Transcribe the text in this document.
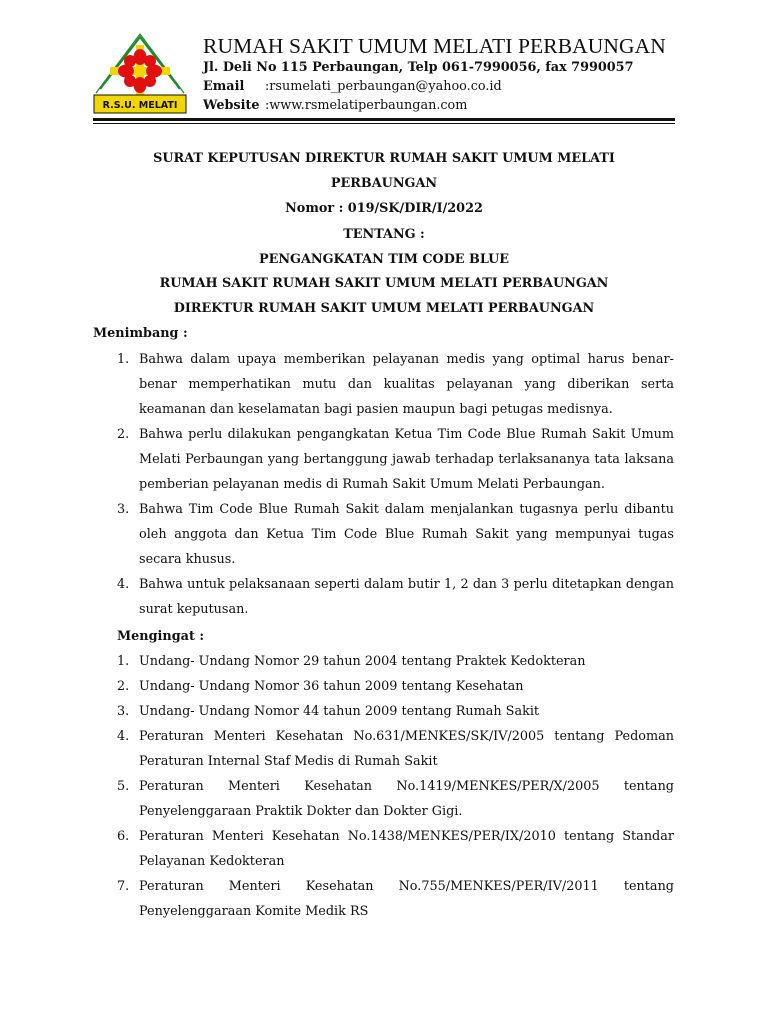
R.S.U. MELATI
RUMAH SAKIT UMUM MELATI PERBAUNGAN
Jl. Deli No 115 Perbaungan, Telp 061-7990056, fax 7990057
Email :rsumelati_perbaungan@yahoo.co.id
Website :www.rsmelatiperbaungan.com
SURAT KEPUTUSAN DIREKTUR RUMAH SAKIT UMUM MELATI
PERBAUNGAN
Nomor : 019/SK/DIR/I/2022
TENTANG :
PENGANGKATAN TIM CODE BLUE
RUMAH SAKIT RUMAH SAKIT UMUM MELATI PERBAUNGAN
DIREKTUR RUMAH SAKIT UMUM MELATI PERBAUNGAN
Menimbang :
1. Bahwa dalam upaya memberikan pelayanan medis yang optimal harus benar-benar memperhatikan mutu dan kualitas pelayanan yang diberikan serta keamanan dan keselamatan bagi pasien maupun bagi petugas medisnya.
2. Bahwa perlu dilakukan pengangkatan Ketua Tim Code Blue Rumah Sakit Umum Melati Perbaungan yang bertanggung jawab terhadap terlaksananya tata laksana pemberian pelayanan medis di Rumah Sakit Umum Melati Perbaungan.
3. Bahwa Tim Code Blue Rumah Sakit dalam menjalankan tugasnya perlu dibantu oleh anggota dan Ketua Tim Code Blue Rumah Sakit yang mempunyai tugas secara khusus.
4. Bahwa untuk pelaksanaan seperti dalam butir 1, 2 dan 3 perlu ditetapkan dengan surat keputusan.
Mengingat :
1. Undang- Undang Nomor 29 tahun 2004 tentang Praktek Kedokteran
2. Undang- Undang Nomor 36 tahun 2009 tentang Kesehatan
3. Undang- Undang Nomor 44 tahun 2009 tentang Rumah Sakit
4. Peraturan Menteri Kesehatan No.631/MENKES/SK/IV/2005 tentang Pedoman Peraturan Internal Staf Medis di Rumah Sakit
5. Peraturan Menteri Kesehatan No.1419/MENKES/PER/X/2005 tentang Penyelenggaraan Praktik Dokter dan Dokter Gigi.
6. Peraturan Menteri Kesehatan No.1438/MENKES/PER/IX/2010 tentang Standar Pelayanan Kedokteran
7. Peraturan Menteri Kesehatan No.755/MENKES/PER/IV/2011 tentang Penyelenggaraan Komite Medik RS
